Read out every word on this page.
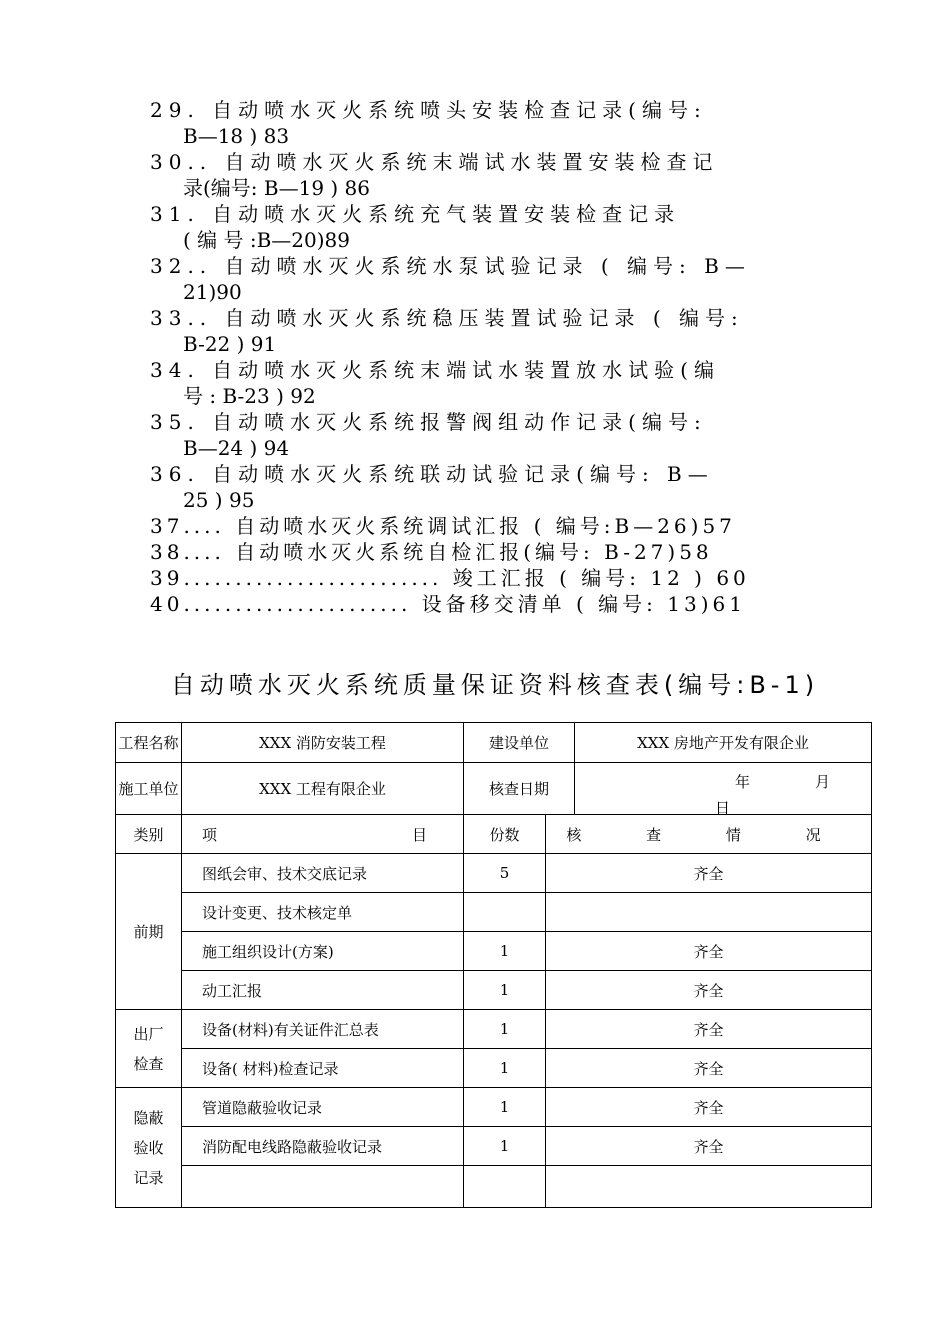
29. 自动喷水灭火系统喷头安装检查记录(编号:
B—18 ) 83
30.. 自动喷水灭火系统末端试水装置安装检查记
录(编号: B—19 ) 86
31. 自动喷水灭火系统充气装置安装检查记录
( 编 号 :B—20)89
32.. 自动喷水灭火系统水泵试验记录 ( 编号: B—
21)90
33.. 自动喷水灭火系统稳压装置试验记录 ( 编号:
B-22 ) 91
34. 自动喷水灭火系统末端试水装置放水试验(编
号 : B-23 ) 92
35. 自动喷水灭火系统报警阀组动作记录(编号:
B—24 ) 94
36. 自动喷水灭火系统联动试验记录(编号: B—
25 ) 95
37.... 自动喷水灭火系统调试汇报 ( 编号:B—26)57
38.... 自动喷水灭火系统自检汇报(编号: B-27)58
39......................... 竣工汇报 ( 编号: 12 ) 60
40...................... 设备移交清单 ( 编号: 13)61
自动喷水灭火系统质量保证资料核查表(编号:B-1)
工程名称	XXX 消防安装工程	建设单位		XXX 房地产开发有限企业
施工单位	XXX 工程有限企业	核查日期		年 月
日

类别	项 目	份数	核 查 情 况	
前期	图纸会审、技术交底记录	5	齐全	
	设计变更、技术核定单			
	施工组织设计(方案)	1	齐全	
	动工汇报	1	齐全	
出厂检查	设备(材料)有关证件汇总表	1	齐全	
	设备( 材料)检查记录	1	齐全	
隐蔽验收记录	管道隐蔽验收记录	1	齐全	
	消防配电线路隐蔽验收记录	1	齐全	
